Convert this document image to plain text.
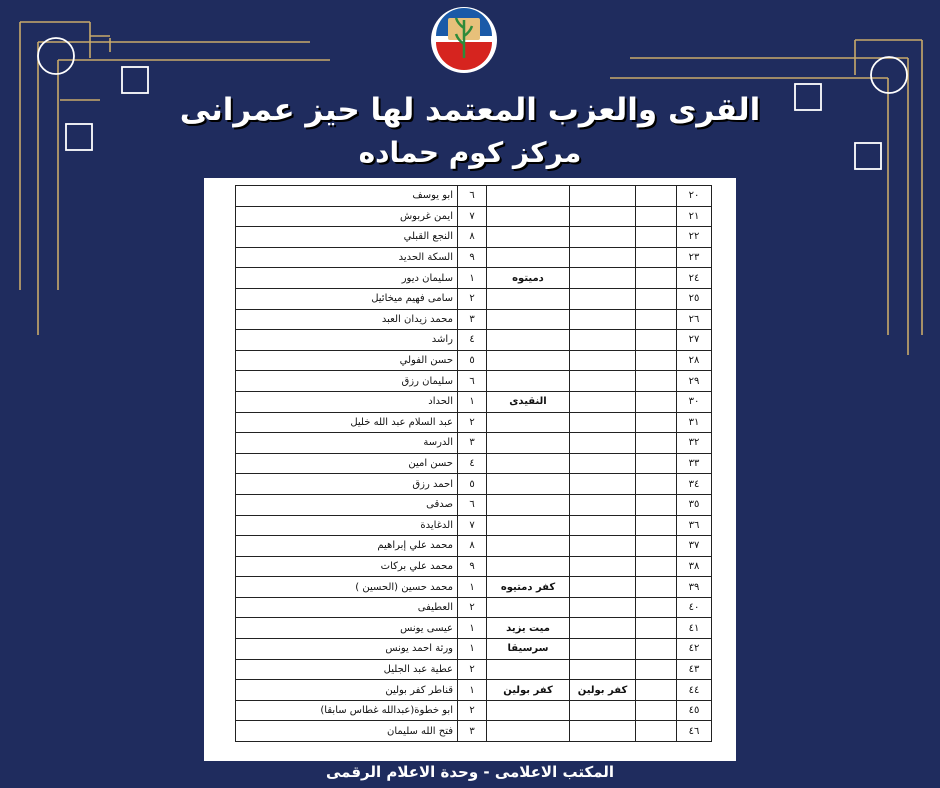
القرى والعزب المعتمد لها حيز عمرانى
مركز كوم حماده
ابو يوسف	٦				٢٠
ايمن غربوش	٧				٢١
النجع القبلي	٨				٢٢
السكة الحديد	٩				٢٣
سليمان ديور	١	دميتوه			٢٤
سامى فهيم ميخائيل	٢				٢٥
محمد زيدان العبد	٣				٢٦
راشد	٤				٢٧
حسن الفولي	٥				٢٨
سليمان رزق	٦				٢٩
الحداد	١	النقيدى			٣٠
عبد السلام عبد الله خليل	٢				٣١
الدرسة	٣				٣٢
حسن امين	٤				٣٣
احمد رزق	٥				٣٤
صدقى	٦				٣٥
الدغايدة	٧				٣٦
محمد علي إبراهيم	٨				٣٧
محمد علي بركات	٩				٣٨
محمد حسين (الحسين )	١	كفر دمتيوه			٣٩
العطيفى	٢				٤٠
عيسى يونس	١	ميت يزيد			٤١
ورثة احمد يونس	١	سرسيقا			٤٢
عطية عبد الجليل	٢				٤٣
قناطر كفر بولين	١	كفر بولين	كفر بولين		٤٤
ابو خطوة(عبدالله غطاس سابقا)	٢				٤٥
فتح الله سليمان	٣				٤٦
المكتب الاعلامى - وحدة الاعلام الرقمى
